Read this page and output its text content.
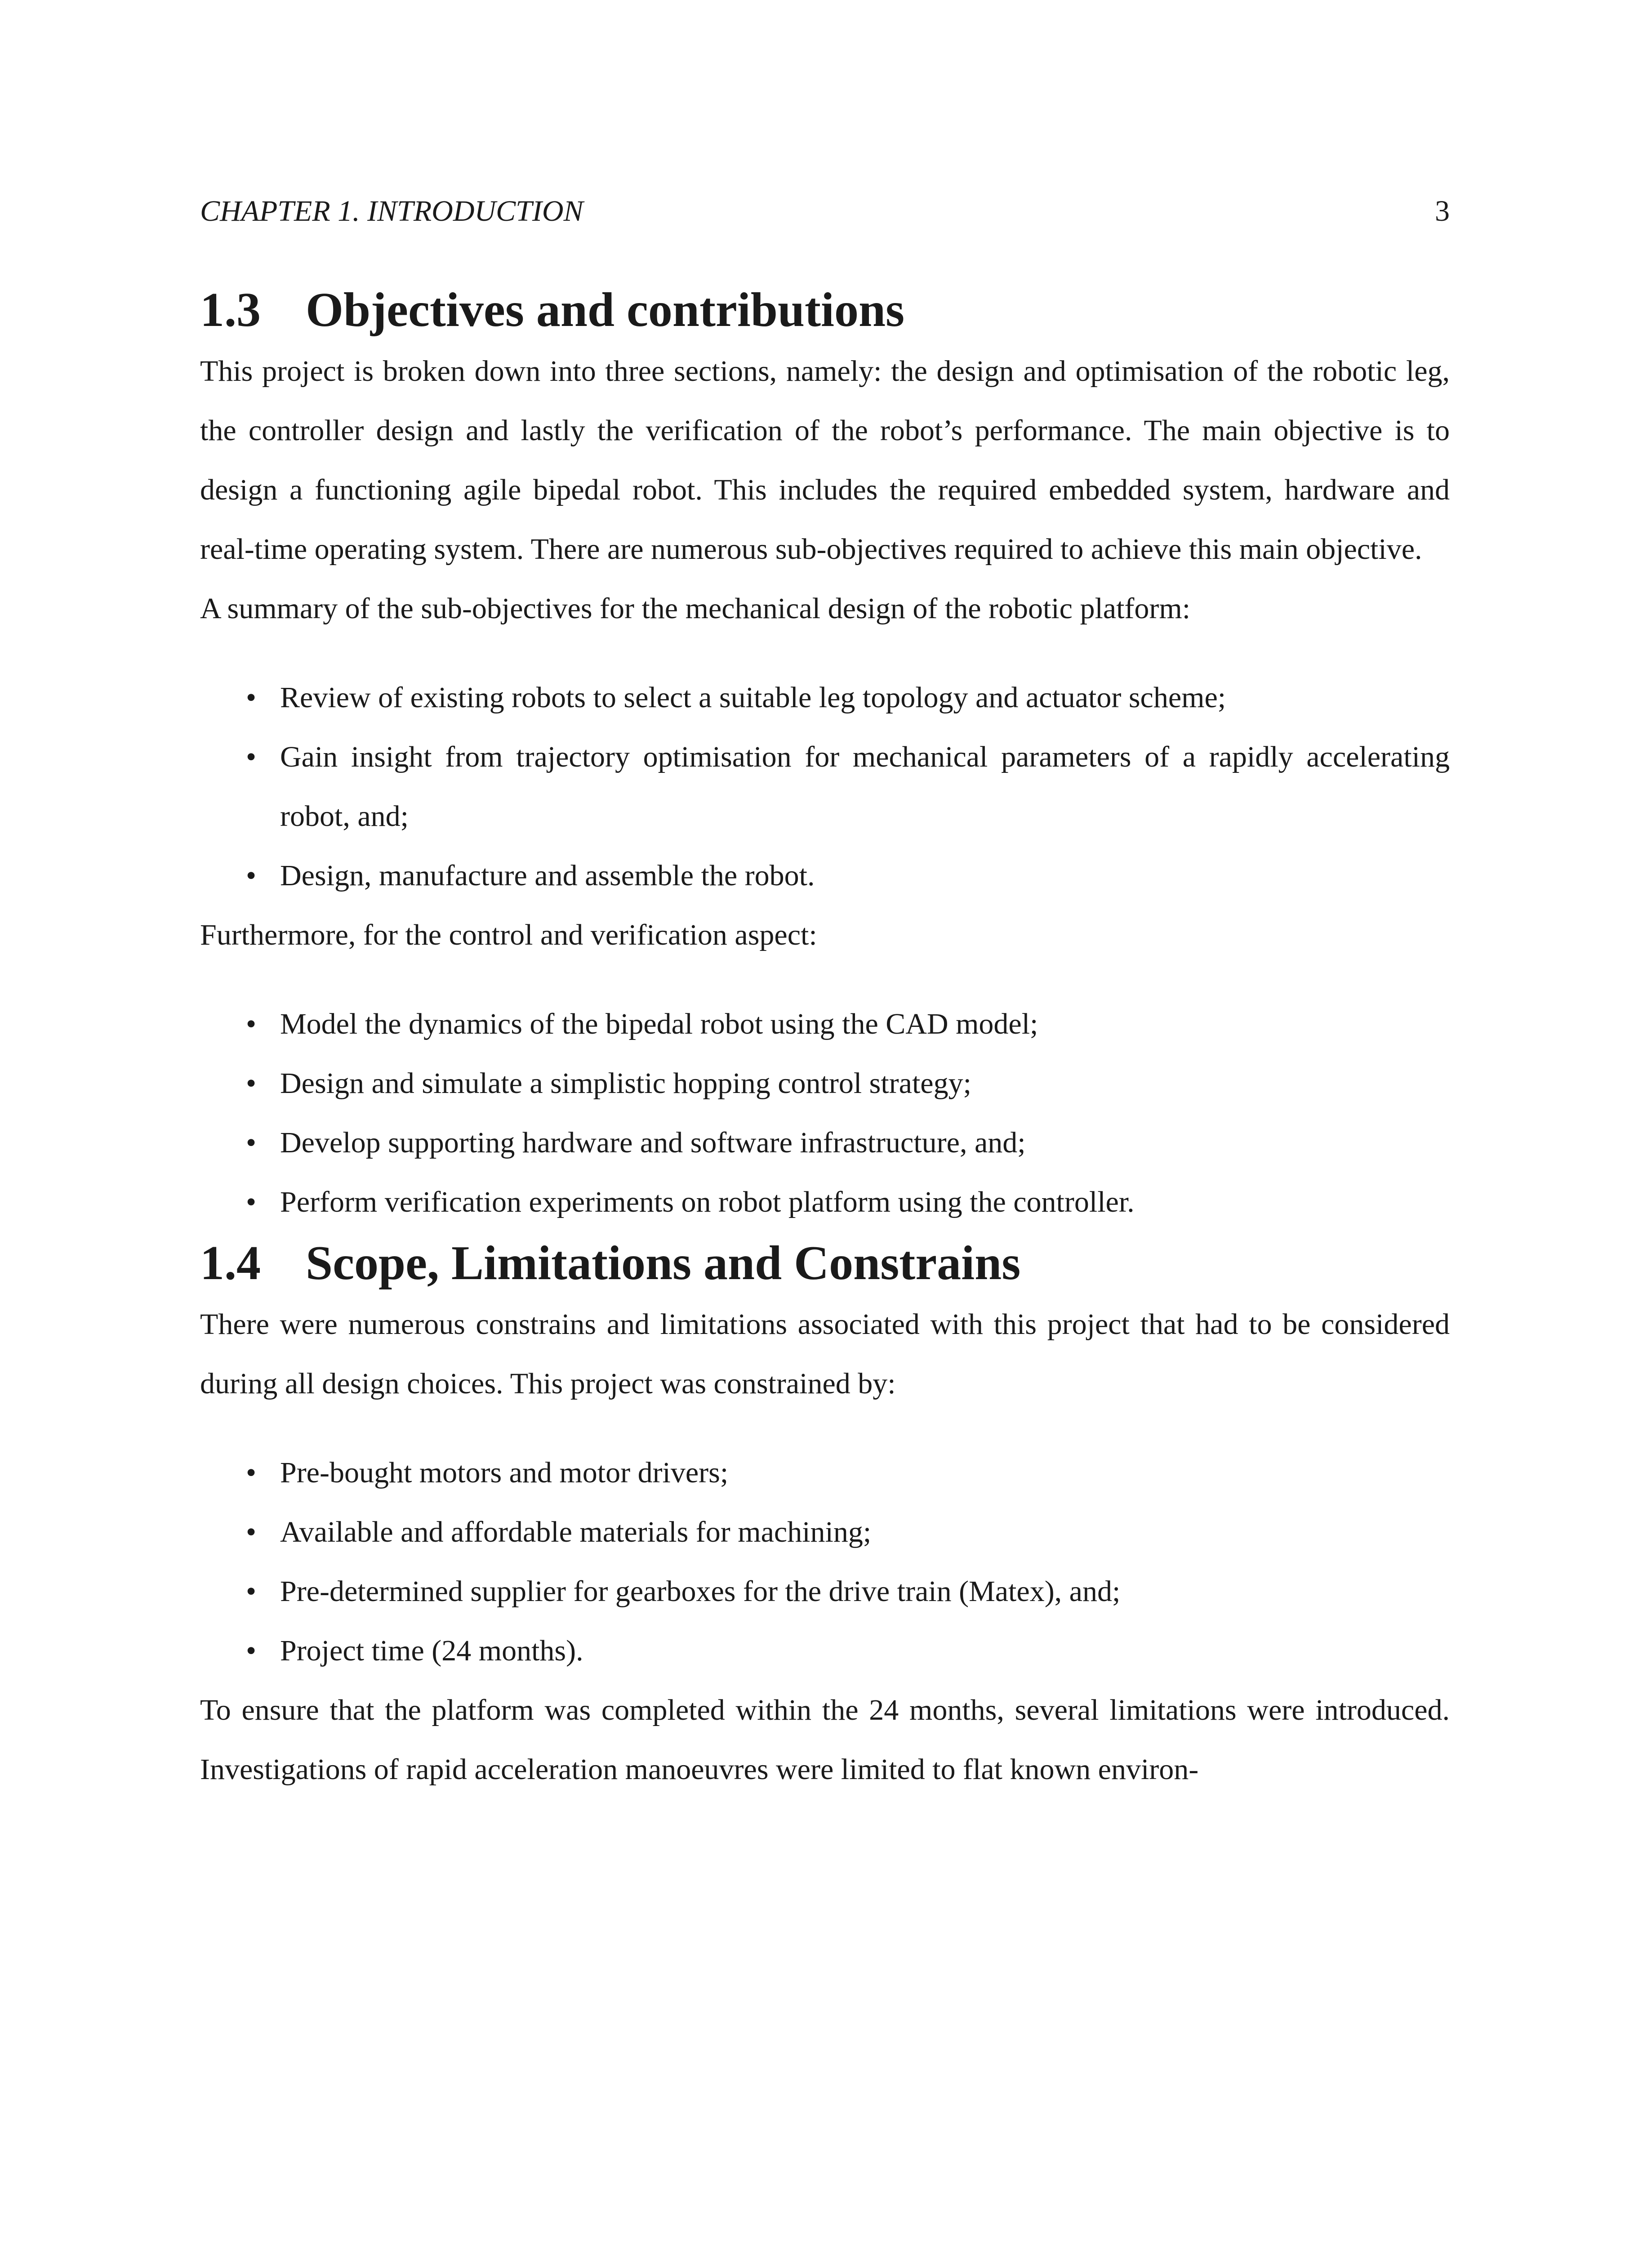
CHAPTER 1. INTRODUCTION	3
1.3 Objectives and contributions

This project is broken down into three sections, namely: the design and optimisation of the robotic leg, the controller design and lastly the verification of the robot’s performance. The main objective is to design a functioning agile bipedal robot. This includes the required embedded system, hardware and real-time operating system. There are numerous sub-objectives required to achieve this main objective.

A summary of the sub-objectives for the mechanical design of the robotic platform:

• Review of existing robots to select a suitable leg topology and actuator scheme;
• Gain insight from trajectory optimisation for mechanical parameters of a rapidly accelerating robot, and;
• Design, manufacture and assemble the robot.

Furthermore, for the control and verification aspect:

• Model the dynamics of the bipedal robot using the CAD model;
• Design and simulate a simplistic hopping control strategy;
• Develop supporting hardware and software infrastructure, and;
• Perform verification experiments on robot platform using the controller.
1.4 Scope, Limitations and Constrains

There were numerous constrains and limitations associated with this project that had to be considered during all design choices. This project was constrained by:

• Pre-bought motors and motor drivers;
• Available and affordable materials for machining;
• Pre-determined supplier for gearboxes for the drive train (Matex), and;
• Project time (24 months).

To ensure that the platform was completed within the 24 months, several limitations were introduced. Investigations of rapid acceleration manoeuvres were limited to flat known environ-
